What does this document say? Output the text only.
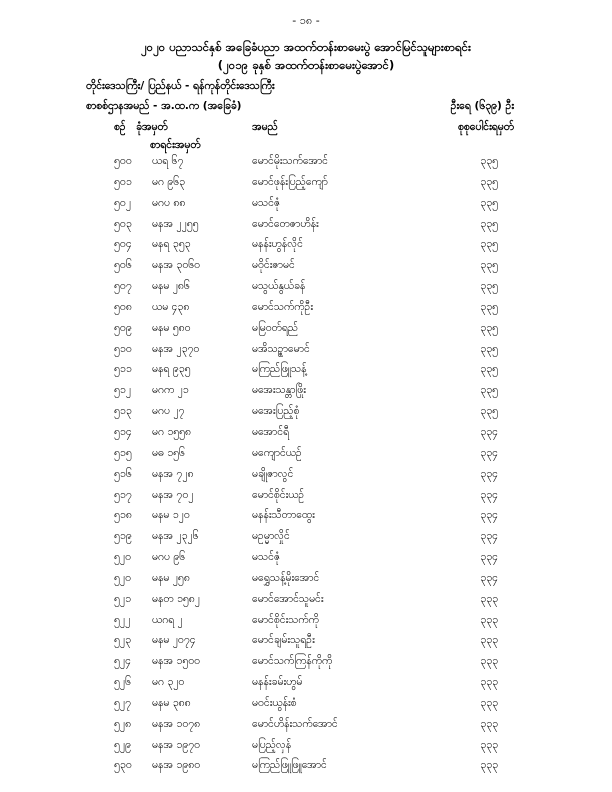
- ၁၈ -
၂၀၂၀ ပညာသင်နှစ် အခြေခံပညာ အထက်တန်းစာမေးပွဲ အောင်မြင်သူများစာရင်း
(၂၀၁၉ ခုနှစ် အထက်တန်းစာမေးပွဲအောင်)
တိုင်းဒေသကြီး/ ပြည်နယ် - ရန်ကုန်တိုင်းဒေသကြီး
စာစစ်ဌာနအမည် - အ.ထ.က (အခြေခံ)	ဦးရေ (၆၃၉) ဦး
စဉ် ခုံအမှတ်
စာရင်းအမှတ်
အမည်	စုစုပေါင်းရမှတ်
၅၀၀ ယရ ၆၇	မောင်မိုးသက်အောင်	၃၃၅
၅၀၁ မဂ ၉၆၃	မောင်ဖုန်းပြည့်ကျော်	၃၃၅
၅၀၂ မဂပ ၈၈	မသင်ဇုံ	၃၃၅
၅၀၃ မနအ ၂၂၅၅	မောင်တေဇာဟိန်း	၃၃၅
၅၀၄ မနရ ၃၅၃	မနန်းဟွန်လိုင်	၃၃၅
၅၀၆ မနအ ၃၀၆၀	မဝိုင်းဇာမင်	၃၃၅
၅၀၇ မနမ ၂၈၆	မသွယ်နွယ်ခန်	၃၃၅
၅၀၈ ယမ ၄၃၈	မောင်သက်ကိုဦး	၃၃၅
၅၀၉ မနမ ၅၈၀	မမြဝတ်ရည်	၃၃၅
၅၁၀ မနအ ၂၃၇၀	မအိသဉ္စာမောင်	၃၃၅
၅၁၁ မနရ ၉၃၅	မကြည်ဖြူသန့်	၃၃၅
၅၁၂ မဂက ၂၁	မအေးသန္တာဖြိုး	၃၃၅
၅၁၃ မဂပ ၂၇	မအေးပြည့်စုံ	၃၃၅
၅၁၄ မဂ ၁၅၅၈	မအောင်ရီ	၃၃၄
၅၁၅ မဓ ၁၅၆	မကျောင်ယဉ်	၃၃၄
၅၁၆ မနအ ၇၂၈	မချိုဇာလွင်	၃၃၄
၅၁၇ မနအ ၇၀၂	မောင်စိုင်းယဉ်	၃၃၄
၅၁၈ မနမ ၁၂၀	မနန်းသီတာထွေး	၃၃၄
၅၁၉ မနအ ၂၃၂၆	မဥမ္မာလှိုင်	၃၃၄
၅၂၀ မဂပ ၉၆	မသင်ဇုံ	၃၃၄
၅၂၀ မနမ ၂၅၈	မရွှေသန့်မိုးအောင်	၃၃၄
၅၂၁ မနတ ၁၅၈၂	မောင်အောင်သူမင်း	၃၃၃
၅၂၂ ယဂရ ၂	မောင်စိုင်းသက်ကို	၃၃၃
၅၂၃ မနမ ၂၀၇၄	မောင်ချမ်းသူရဦး	၃၃၃
၅၂၄ မနအ ၁၅၀၀	မောင်သက်ကြန်ကိုကို	၃၃၃
၅၂၆ မဂ ၃၂၀	မနန်းခမ်းဟွမ်	၃၃၃
၅၂၇ မနမ ၃၈၈	မဝင်းယွန်းစံ	၃၃၃
၅၂၈ မနအ ၁၀၇၈	မောင်ဟိန်းသက်အောင်	၃၃၃
၅၂၉ မနအ ၁၉၇၀	မပြည့်လှန်	၃၃၃
၅၃၀ မနအ ၁၉၈၀	မကြည်ဖြူဖြူအောင်	၃၃၃
